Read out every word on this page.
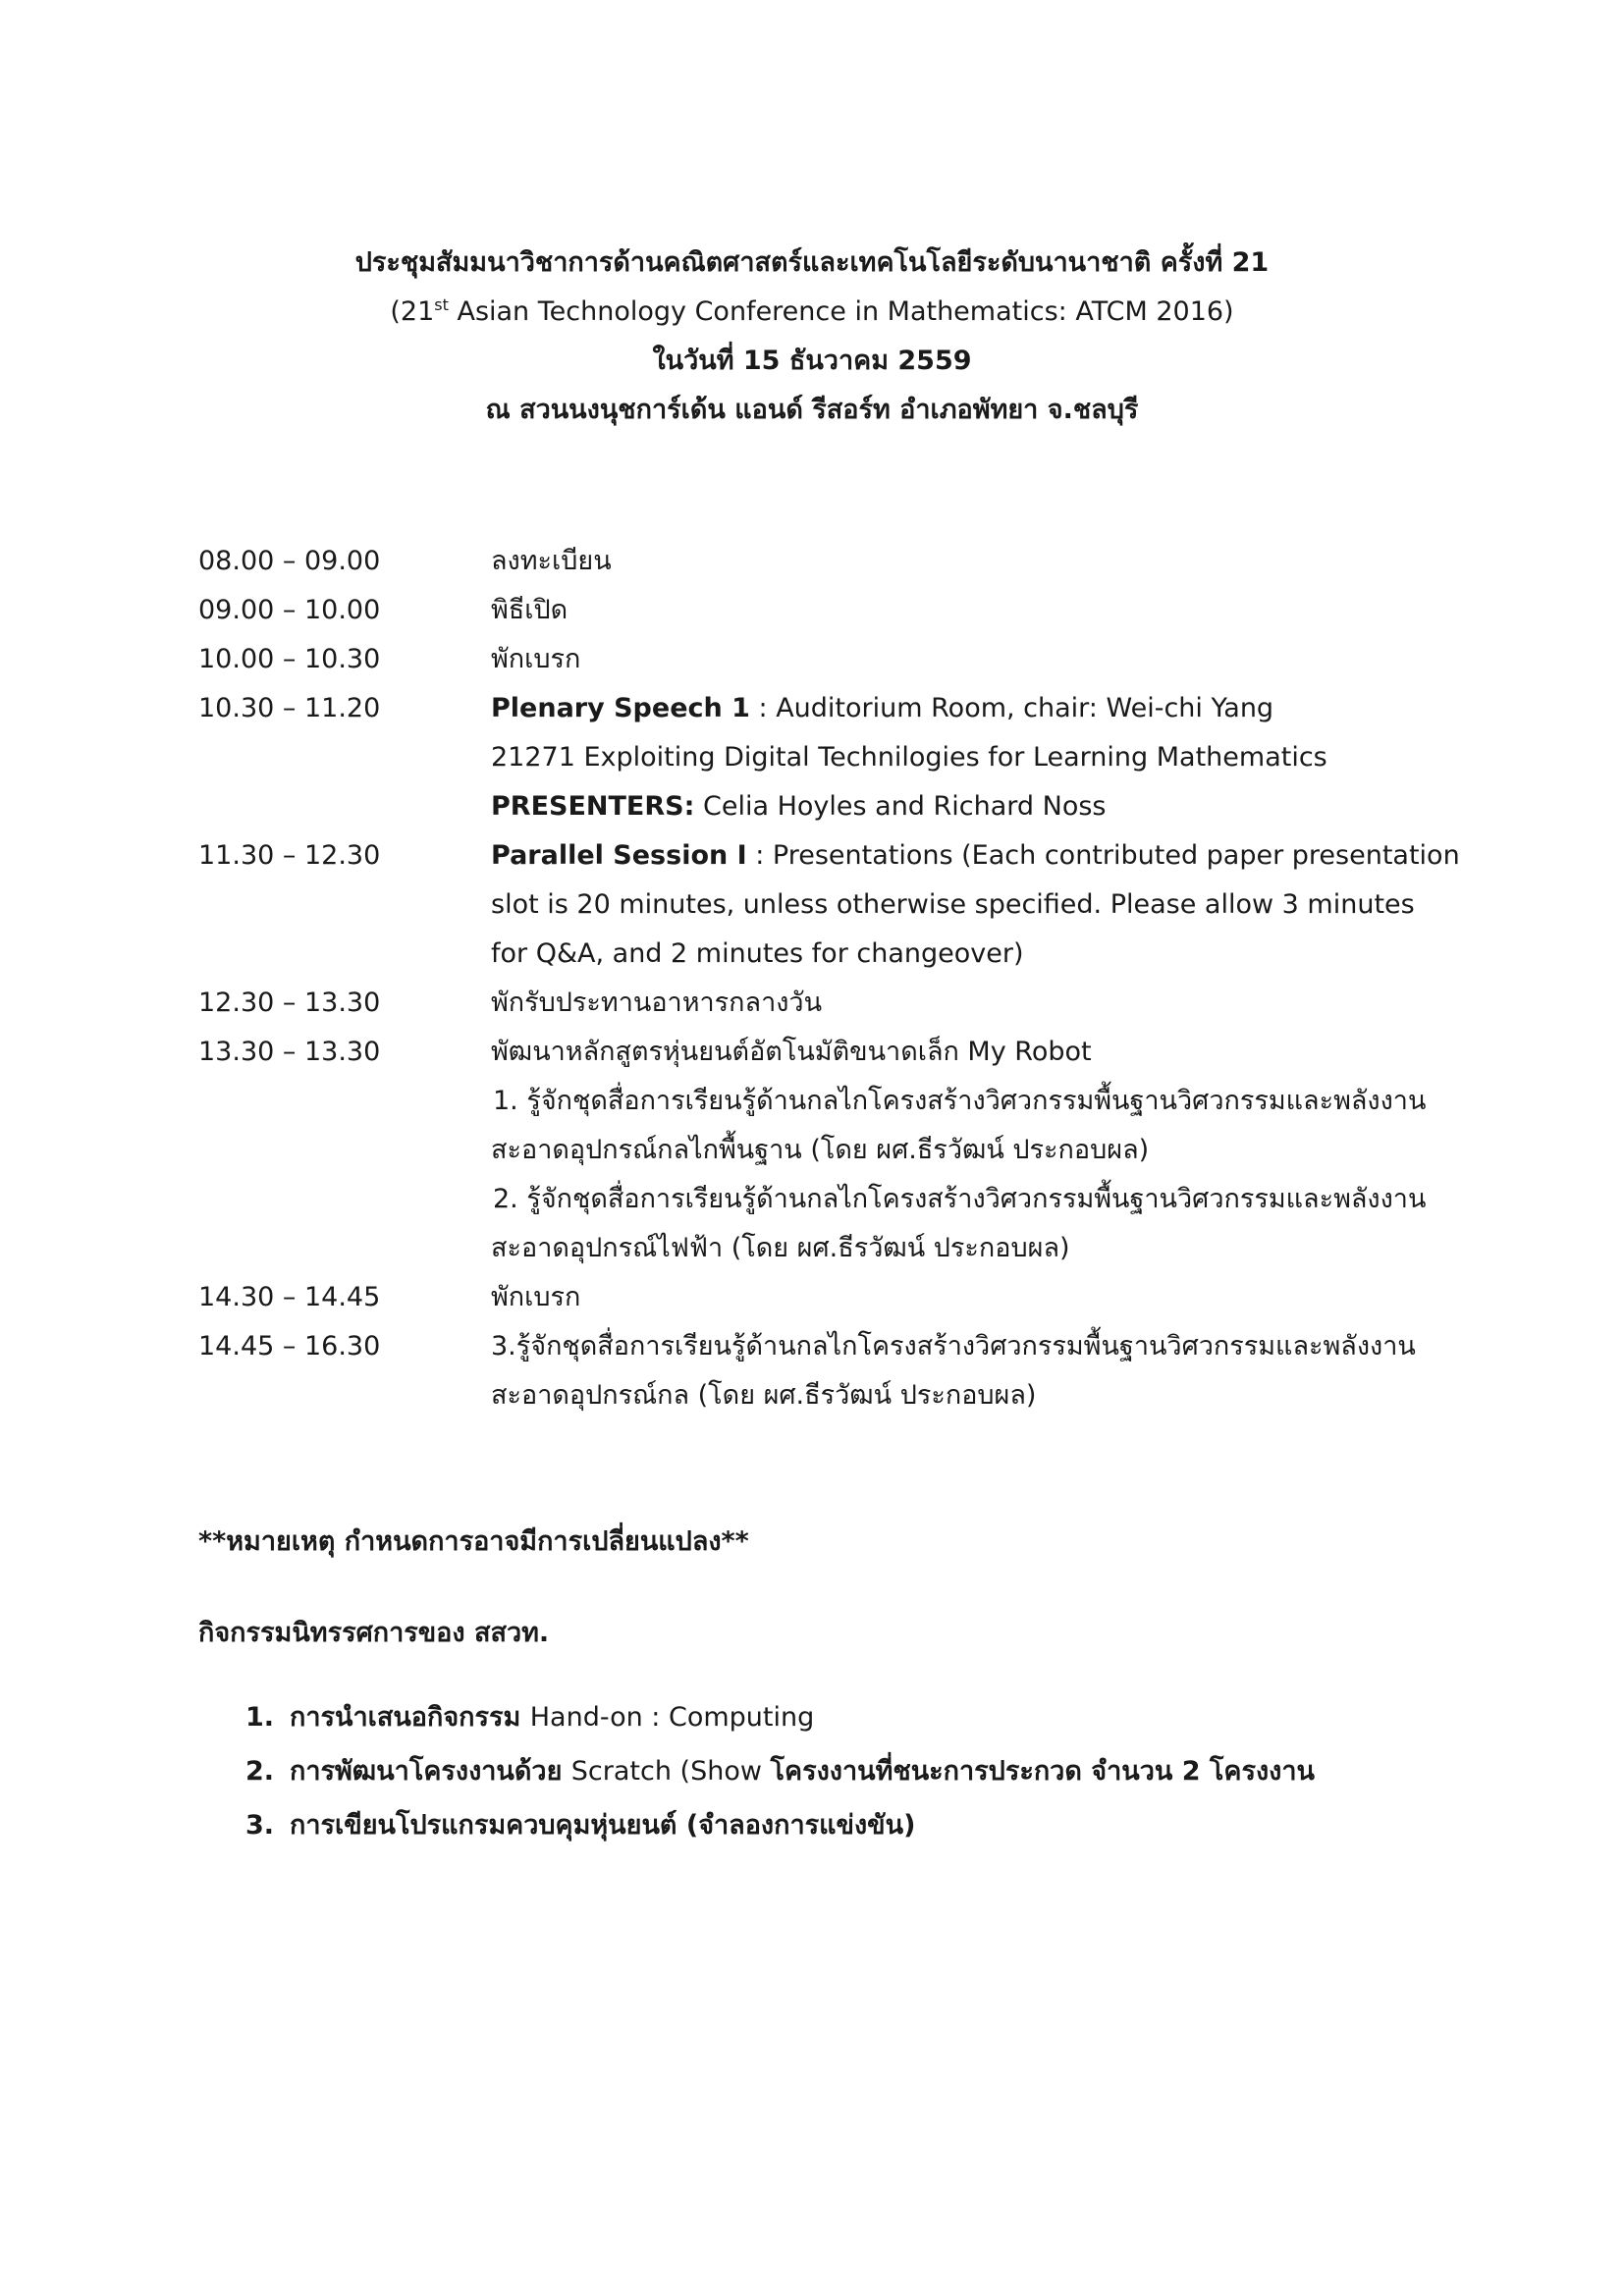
ประชุมสัมมนาวิชาการด้านคณิตศาสตร์และเทคโนโลยีระดับนานาชาติ ครั้งที่ 21
(21st Asian Technology Conference in Mathematics: ATCM 2016)
ในวันที่ 15 ธันวาคม 2559
ณ สวนนงนุชการ์เด้น แอนด์ รีสอร์ท อำเภอพัทยา จ.ชลบุรี
08.00 – 09.00	ลงทะเบียน
09.00 – 10.00	พิธีเปิด
10.00 – 10.30	พักเบรก
10.30 – 11.20	Plenary Speech 1 : Auditorium Room, chair: Wei-chi Yang
21271 Exploiting Digital Technilogies for Learning Mathematics
PRESENTERS: Celia Hoyles and Richard Noss
11.30 – 12.30	Parallel Session I : Presentations (Each contributed paper presentation
slot is 20 minutes, unless otherwise specified. Please allow 3 minutes
for Q&A, and 2 minutes for changeover)
12.30 – 13.30	พักรับประทานอาหารกลางวัน
13.30 – 13.30	พัฒนาหลักสูตรหุ่นยนต์อัตโนมัติขนาดเล็ก My Robot
1. รู้จักชุดสื่อการเรียนรู้ด้านกลไกโครงสร้างวิศวกรรมพื้นฐานวิศวกรรมและพลังงาน
สะอาดอุปกรณ์กลไกพื้นฐาน (โดย ผศ.ธีรวัฒน์ ประกอบผล)
2. รู้จักชุดสื่อการเรียนรู้ด้านกลไกโครงสร้างวิศวกรรมพื้นฐานวิศวกรรมและพลังงาน
สะอาดอุปกรณ์ไฟฟ้า (โดย ผศ.ธีรวัฒน์ ประกอบผล)
14.30 – 14.45	พักเบรก
14.45 – 16.30	3.รู้จักชุดสื่อการเรียนรู้ด้านกลไกโครงสร้างวิศวกรรมพื้นฐานวิศวกรรมและพลังงาน
สะอาดอุปกรณ์กล (โดย ผศ.ธีรวัฒน์ ประกอบผล)
**หมายเหตุ กำหนดการอาจมีการเปลี่ยนแปลง**
กิจกรรมนิทรรศการของ สสวท.
1. การนำเสนอกิจกรรม Hand-on : Computing
2. การพัฒนาโครงงานด้วย Scratch (Show โครงงานที่ชนะการประกวด จำนวน 2 โครงงาน
3. การเขียนโปรแกรมควบคุมหุ่นยนต์ (จำลองการแข่งขัน)
